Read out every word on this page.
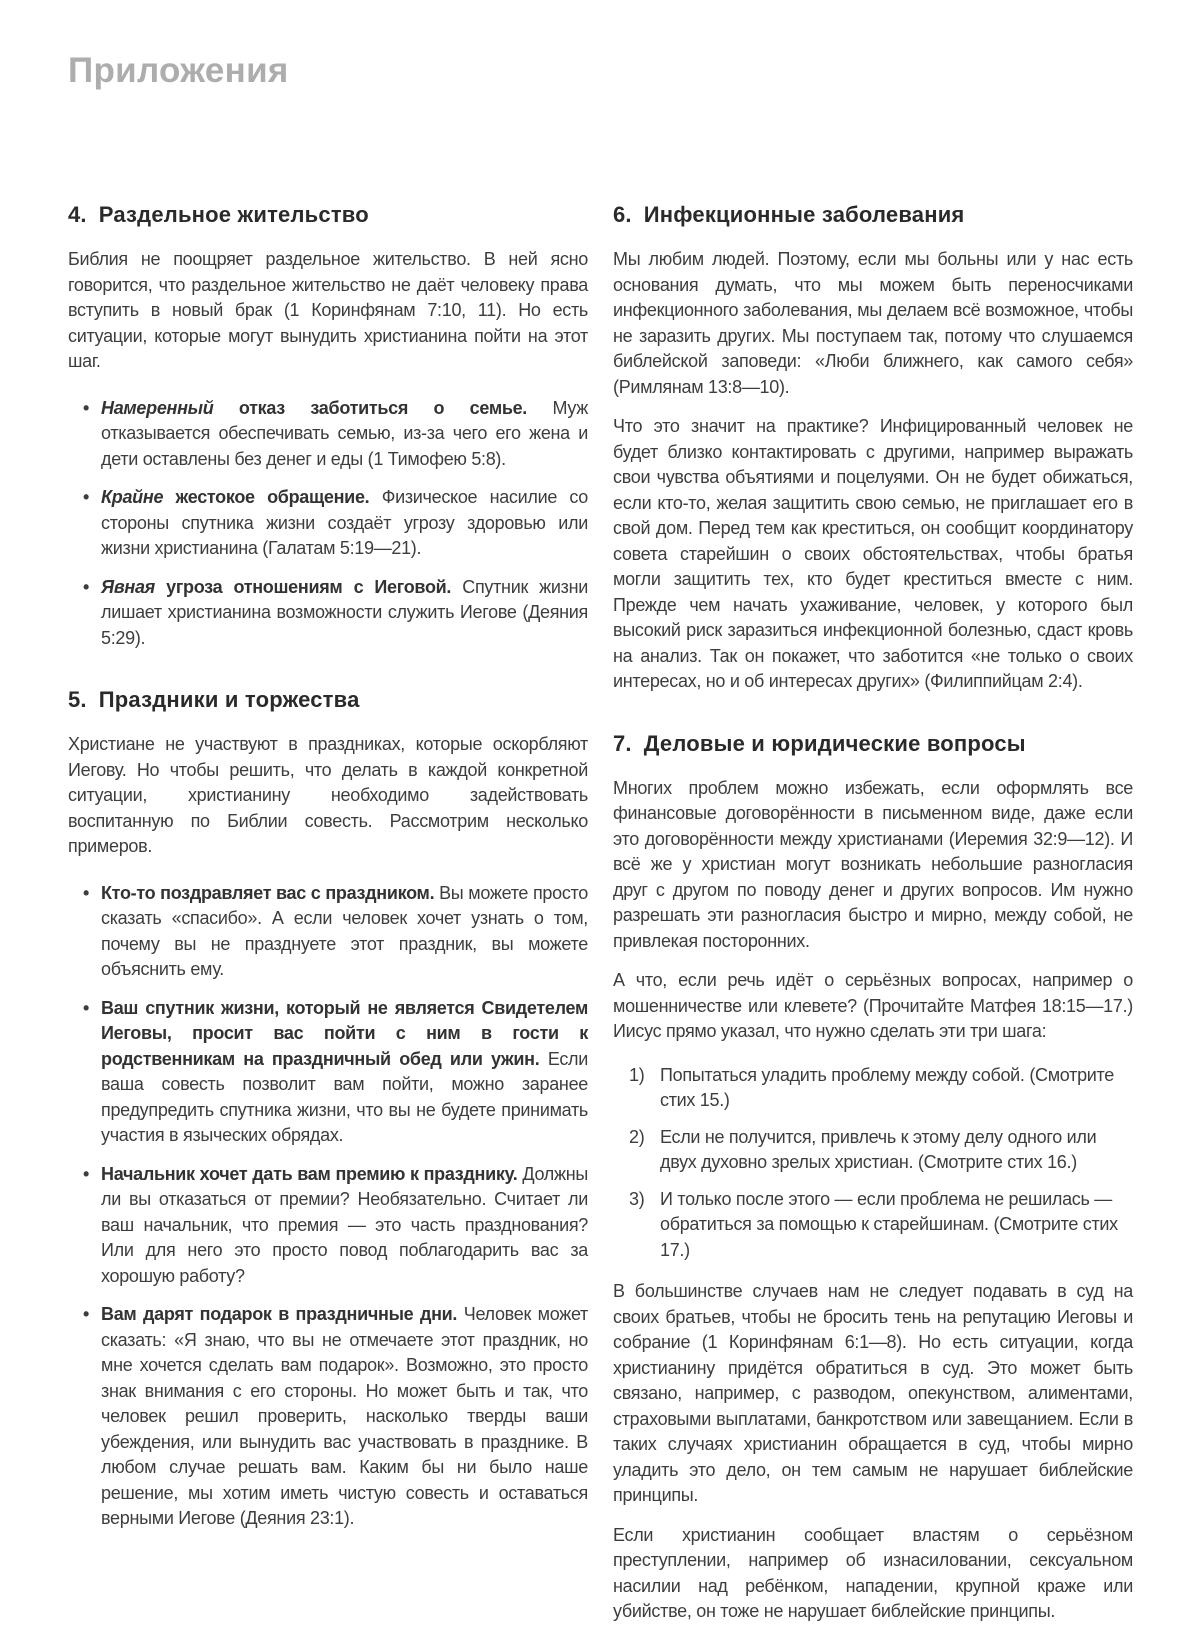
Приложения
4. Раздельное жительство

Библия не поощряет раздельное жительство. В ней ясно говорится, что раздельное жительство не даёт человеку права вступить в новый брак (1 Коринфянам 7:10, 11). Но есть ситуации, которые могут вынудить христианина пойти на этот шаг.

• Намеренный отказ заботиться о семье. Муж отказывается обеспечивать семью, из-за чего его жена и дети оставлены без денег и еды (1 Тимофею 5:8).
• Крайне жестокое обращение. Физическое насилие со стороны спутника жизни создаёт угрозу здоровью или жизни христианина (Галатам 5:19—21).
• Явная угроза отношениям с Иеговой. Спутник жизни лишает христианина возможности служить Иегове (Деяния 5:29).
5. Праздники и торжества

Христиане не участвуют в праздниках, которые оскорбляют Иегову. Но чтобы решить, что делать в каждой конкретной ситуации, христианину необходимо задействовать воспитанную по Библии совесть. Рассмотрим несколько примеров.

• Кто-то поздравляет вас с праздником. Вы можете просто сказать «спасибо». А если человек хочет узнать о том, почему вы не празднуете этот праздник, вы можете объяснить ему.
• Ваш спутник жизни, который не является Свидетелем Иеговы, просит вас пойти с ним в гости к родственникам на праздничный обед или ужин. Если ваша совесть позволит вам пойти, можно заранее предупредить спутника жизни, что вы не будете принимать участия в языческих обрядах.
• Начальник хочет дать вам премию к празднику. Должны ли вы отказаться от премии? Необязательно. Считает ли ваш начальник, что премия — это часть празднования? Или для него это просто повод поблагодарить вас за хорошую работу?
• Вам дарят подарок в праздничные дни. Человек может сказать: «Я знаю, что вы не отмечаете этот праздник, но мне хочется сделать вам подарок». Возможно, это просто знак внимания с его стороны. Но может быть и так, что человек решил проверить, насколько тверды ваши убеждения, или вынудить вас участвовать в празднике. В любом случае решать вам. Каким бы ни было наше решение, мы хотим иметь чистую совесть и оставаться верными Иегове (Деяния 23:1).
6. Инфекционные заболевания

Мы любим людей. Поэтому, если мы больны или у нас есть основания думать, что мы можем быть переносчиками инфекционного заболевания, мы делаем всё возможное, чтобы не заразить других. Мы поступаем так, потому что слушаемся библейской заповеди: «Люби ближнего, как самого себя» (Римлянам 13:8—10).

Что это значит на практике? Инфицированный человек не будет близко контактировать с другими, например выражать свои чувства объятиями и поцелуями. Он не будет обижаться, если кто-то, желая защитить свою семью, не приглашает его в свой дом. Перед тем как креститься, он сообщит координатору совета старейшин о своих обстоятельствах, чтобы братья могли защитить тех, кто будет креститься вместе с ним. Прежде чем начать ухаживание, человек, у которого был высокий риск заразиться инфекционной болезнью, сдаст кровь на анализ. Так он покажет, что заботится «не только о своих интересах, но и об интересах других» (Филиппийцам 2:4).

7. Деловые и юридические вопросы

Многих проблем можно избежать, если оформлять все финансовые договорённости в письменном виде, даже если это договорённости между христианами (Иеремия 32:9—12). И всё же у христиан могут возникать небольшие разногласия друг с другом по поводу денег и других вопросов. Им нужно разрешать эти разногласия быстро и мирно, между собой, не привлекая посторонних.

А что, если речь идёт о серьёзных вопросах, например о мошенничестве или клевете? (Прочитайте Матфея 18:15—17.) Иисус прямо указал, что нужно сделать эти три шага:

1) Попытаться уладить проблему между собой. (Смотрите стих 15.)
2) Если не получится, привлечь к этому делу одного или двух духовно зрелых христиан. (Смотрите стих 16.)
3) И только после этого — если проблема не решилась — обратиться за помощью к старейшинам. (Смотрите стих 17.)

В большинстве случаев нам не следует подавать в суд на своих братьев, чтобы не бросить тень на репутацию Иеговы и собрание (1 Коринфянам 6:1—8). Но есть ситуации, когда христианину придётся обратиться в суд. Это может быть связано, например, с разводом, опекунством, алиментами, страховыми выплатами, банкротством или завещанием. Если в таких случаях христианин обращается в суд, чтобы мирно уладить это дело, он тем самым не нарушает библейские принципы.

Если христианин сообщает властям о серьёзном преступлении, например об изнасиловании, сексуальном насилии над ребёнком, нападении, крупной краже или убийстве, он тоже не нарушает библейские принципы.
